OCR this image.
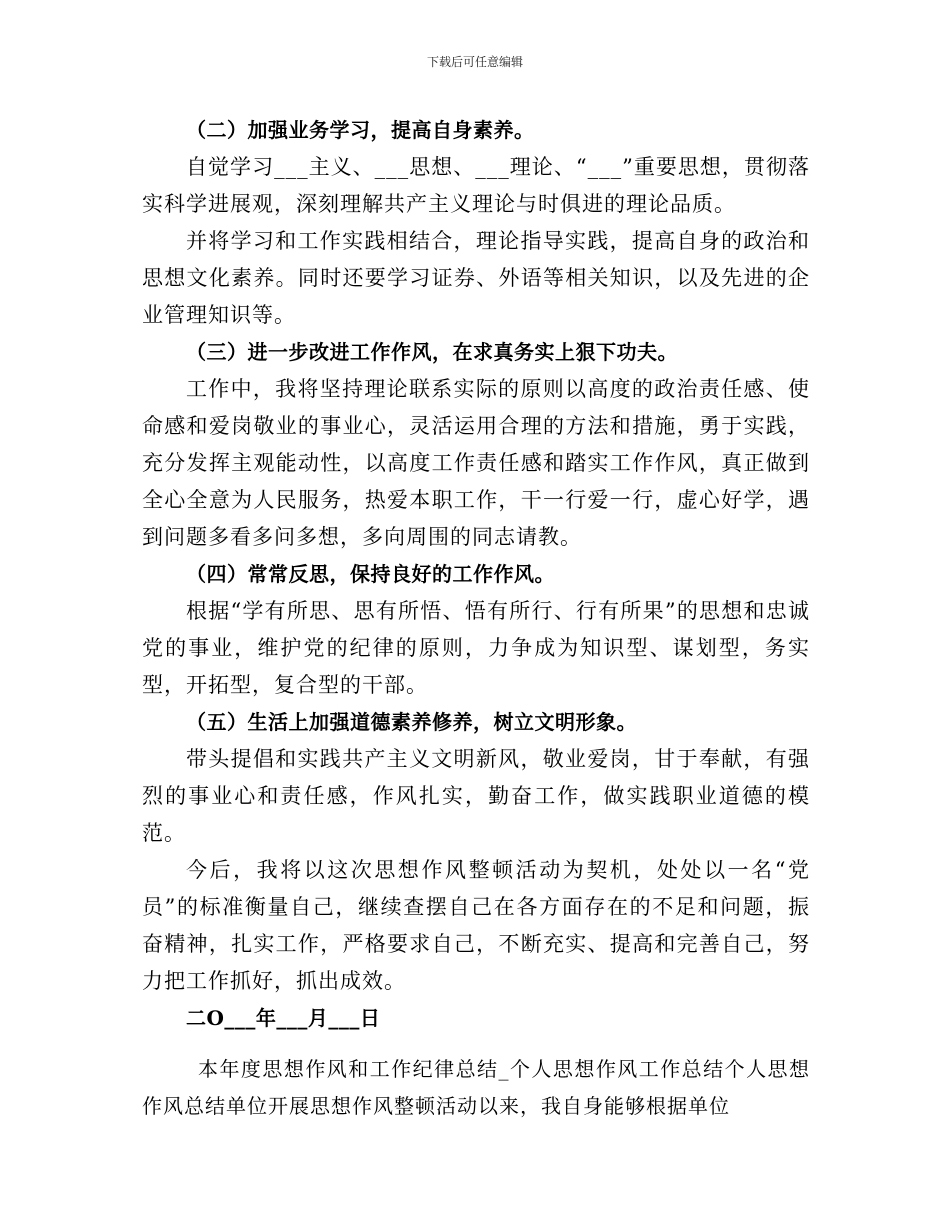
下载后可任意编辑

（二）加强业务学习，提高自身素养。

自觉学习___主义、___思想、___理论、“___”重要思想，贯彻落实科学进展观，深刻理解共产主义理论与时俱进的理论品质。

并将学习和工作实践相结合，理论指导实践，提高自身的政治和思想文化素养。同时还要学习证券、外语等相关知识，以及先进的企业管理知识等。

（三）进一步改进工作作风，在求真务实上狠下功夫。

工作中，我将坚持理论联系实际的原则以高度的政治责任感、使命感和爱岗敬业的事业心，灵活运用合理的方法和措施，勇于实践，充分发挥主观能动性，以高度工作责任感和踏实工作作风，真正做到全心全意为人民服务，热爱本职工作，干一行爱一行，虚心好学，遇到问题多看多问多想，多向周围的同志请教。

（四）常常反思，保持良好的工作作风。

根据“学有所思、思有所悟、悟有所行、行有所果”的思想和忠诚党的事业，维护党的纪律的原则，力争成为知识型、谋划型，务实型，开拓型，复合型的干部。

（五）生活上加强道德素养修养，树立文明形象。

带头提倡和实践共产主义文明新风，敬业爱岗，甘于奉献，有强烈的事业心和责任感，作风扎实，勤奋工作，做实践职业道德的模范。

今后，我将以这次思想作风整顿活动为契机，处处以一名“党员”的标准衡量自己，继续查摆自己在各方面存在的不足和问题，振奋精神，扎实工作，严格要求自己，不断充实、提高和完善自己，努力把工作抓好，抓出成效。

二O___年___月___日

本年度思想作风和工作纪律总结_个人思想作风工作总结个人思想作风总结单位开展思想作风整顿活动以来，我自身能够根据单位
